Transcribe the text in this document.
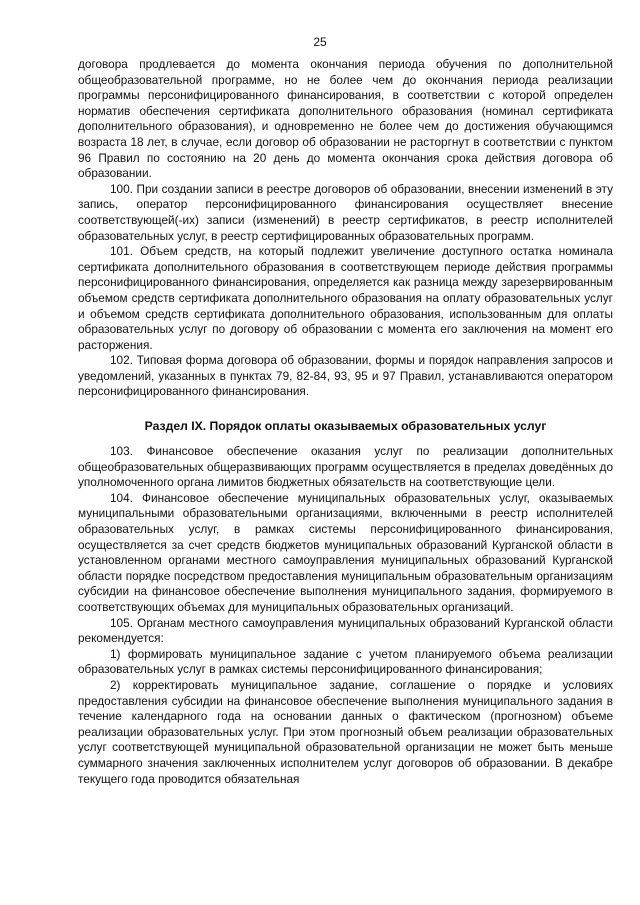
25

договора продлевается до момента окончания периода обучения по дополнительной общеобразовательной программе, но не более чем до окончания периода реализации программы персонифицированного финансирования, в соответствии с которой определен норматив обеспечения сертификата дополнительного образования (номинал сертификата дополнительного образования), и одновременно не более чем до достижения обучающимся возраста 18 лет, в случае, если договор об образовании не расторгнут в соответствии с пунктом 96 Правил по состоянию на 20 день до момента окончания срока действия договора об образовании.

100. При создании записи в реестре договоров об образовании, внесении изменений в эту запись, оператор персонифицированного финансирования осуществляет внесение соответствующей(-их) записи (изменений) в реестр сертификатов, в реестр исполнителей образовательных услуг, в реестр сертифицированных образовательных программ.

101. Объем средств, на который подлежит увеличение доступного остатка номинала сертификата дополнительного образования в соответствующем периоде действия программы персонифицированного финансирования, определяется как разница между зарезервированным объемом средств сертификата дополнительного образования на оплату образовательных услуг и объемом средств сертификата дополнительного образования, использованным для оплаты образовательных услуг по договору об образовании с момента его заключения на момент его расторжения.

102. Типовая форма договора об образовании, формы и порядок направления запросов и уведомлений, указанных в пунктах 79, 82-84, 93, 95 и 97 Правил, устанавливаются оператором персонифицированного финансирования.

Раздел IX. Порядок оплаты оказываемых образовательных услуг

103. Финансовое обеспечение оказания услуг по реализации дополнительных общеобразовательных общеразвивающих программ осуществляется в пределах доведённых до уполномоченного органа лимитов бюджетных обязательств на соответствующие цели.

104. Финансовое обеспечение муниципальных образовательных услуг, оказываемых муниципальными образовательными организациями, включенными в реестр исполнителей образовательных услуг, в рамках системы персонифицированного финансирования, осуществляется за счет средств бюджетов муниципальных образований Курганской области в установленном органами местного самоуправления муниципальных образований Курганской области порядке посредством предоставления муниципальным образовательным организациям субсидии на финансовое обеспечение выполнения муниципального задания, формируемого в соответствующих объемах для муниципальных образовательных организаций.

105. Органам местного самоуправления муниципальных образований Курганской области рекомендуется:

1) формировать муниципальное задание с учетом планируемого объема реализации образовательных услуг в рамках системы персонифицированного финансирования;

2) корректировать муниципальное задание, соглашение о порядке и условиях предоставления субсидии на финансовое обеспечение выполнения муниципального задания в течение календарного года на основании данных о фактическом (прогнозном) объеме реализации образовательных услуг. При этом прогнозный объем реализации образовательных услуг соответствующей муниципальной образовательной организации не может быть меньше суммарного значения заключенных исполнителем услуг договоров об образовании. В декабре текущего года проводится обязательная
